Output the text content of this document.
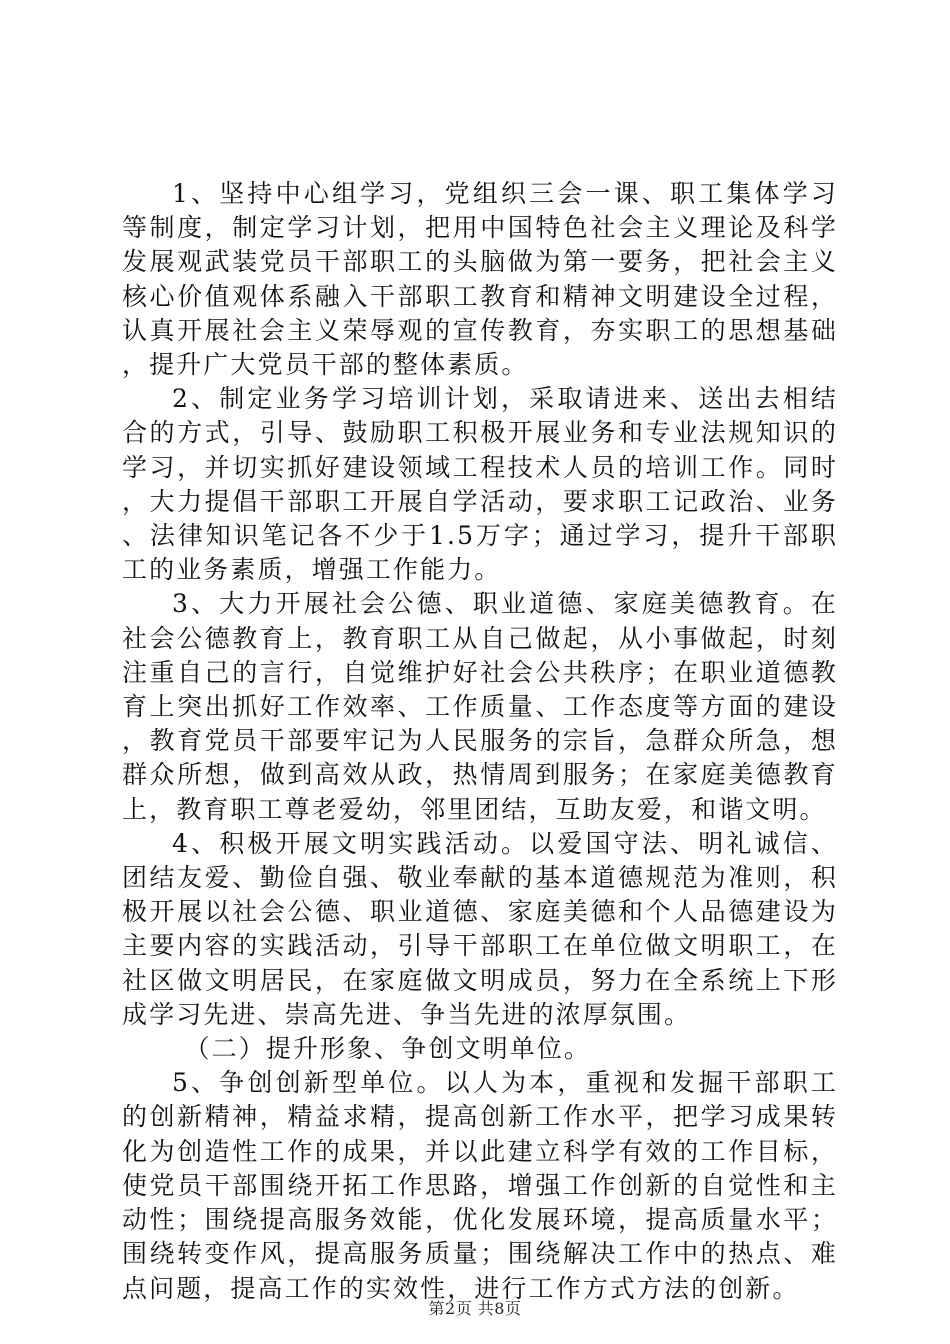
1、坚持中心组学习，党组织三会一课、职工集体学习等制度，制定学习计划，把用中国特色社会主义理论及科学发展观武装党员干部职工的头脑做为第一要务，把社会主义核心价值观体系融入干部职工教育和精神文明建设全过程，认真开展社会主义荣辱观的宣传教育，夯实职工的思想基础，提升广大党员干部的整体素质。

2、制定业务学习培训计划，采取请进来、送出去相结合的方式，引导、鼓励职工积极开展业务和专业法规知识的学习，并切实抓好建设领域工程技术人员的培训工作。同时，大力提倡干部职工开展自学活动，要求职工记政治、业务、法律知识笔记各不少于1.5万字；通过学习，提升干部职工的业务素质，增强工作能力。

3、大力开展社会公德、职业道德、家庭美德教育。在社会公德教育上，教育职工从自己做起，从小事做起，时刻注重自己的言行，自觉维护好社会公共秩序；在职业道德教育上突出抓好工作效率、工作质量、工作态度等方面的建设，教育党员干部要牢记为人民服务的宗旨，急群众所急，想群众所想，做到高效从政，热情周到服务；在家庭美德教育上，教育职工尊老爱幼，邻里团结，互助友爱，和谐文明。

4、积极开展文明实践活动。以爱国守法、明礼诚信、团结友爱、勤俭自强、敬业奉献的基本道德规范为准则，积极开展以社会公德、职业道德、家庭美德和个人品德建设为主要内容的实践活动，引导干部职工在单位做文明职工，在社区做文明居民，在家庭做文明成员，努力在全系统上下形成学习先进、崇高先进、争当先进的浓厚氛围。

（二）提升形象、争创文明单位。

5、争创创新型单位。以人为本，重视和发掘干部职工的创新精神，精益求精，提高创新工作水平，把学习成果转化为创造性工作的成果，并以此建立科学有效的工作目标，使党员干部围绕开拓工作思路，增强工作创新的自觉性和主动性；围绕提高服务效能，优化发展环境，提高质量水平；围绕转变作风，提高服务质量；围绕解决工作中的热点、难点问题，提高工作的实效性，进行工作方式方法的创新。

第2页 共8页
